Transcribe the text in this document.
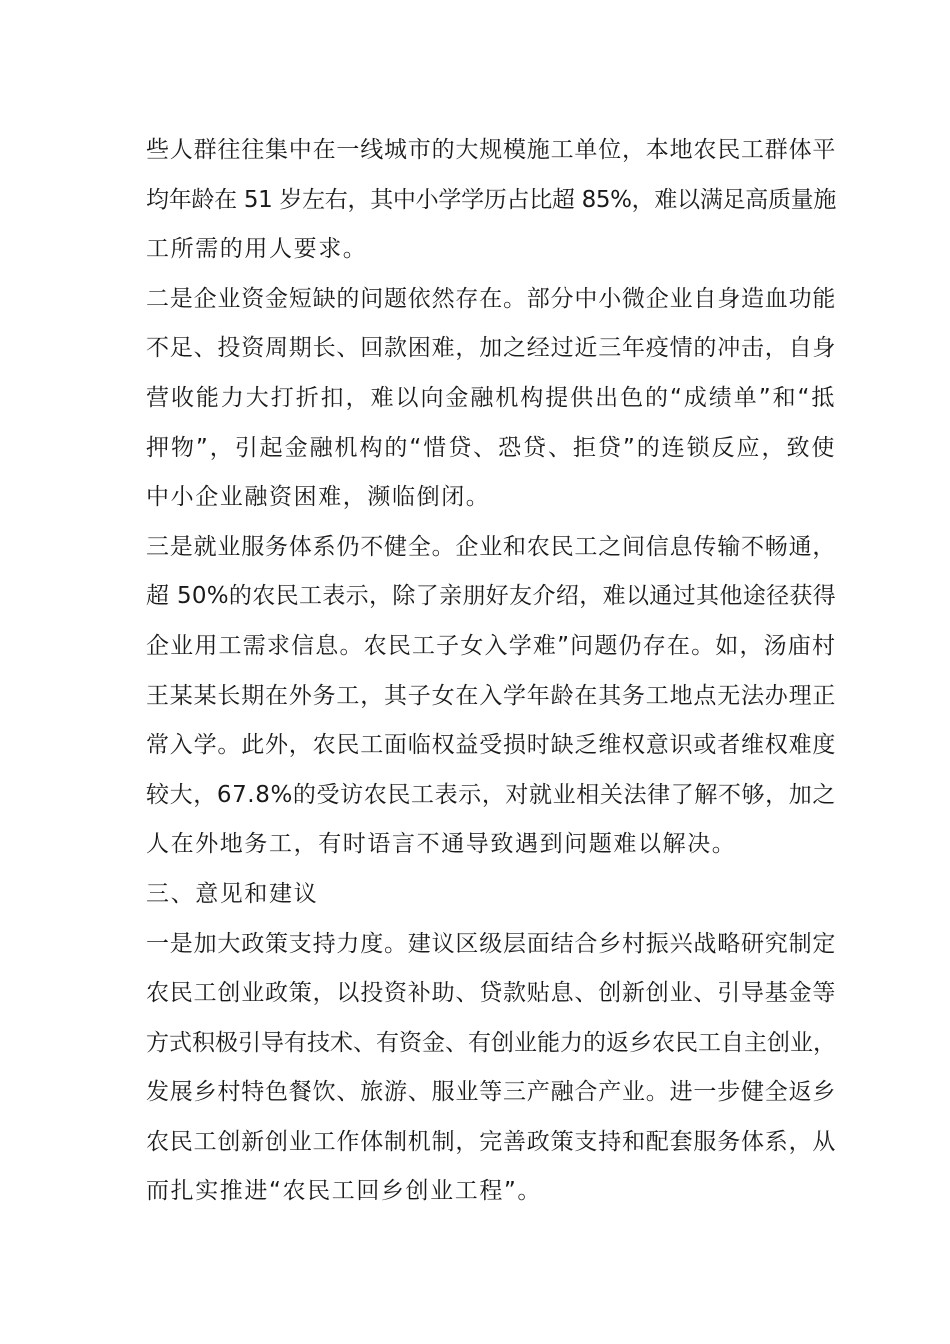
些人群往往集中在一线城市的大规模施工单位，本地农民工群体平
均年龄在 51 岁左右，其中小学学历占比超 85%，难以满足高质量施
工所需的用人要求。
二是企业资金短缺的问题依然存在。部分中小微企业自身造血功能
不足、投资周期长、回款困难，加之经过近三年疫情的冲击，自身
营收能力大打折扣，难以向金融机构提供出色的“成绩单”和“抵
押物”，引起金融机构的“惜贷、恐贷、拒贷”的连锁反应，致使
中小企业融资困难，濒临倒闭。
三是就业服务体系仍不健全。企业和农民工之间信息传输不畅通，
超 50%的农民工表示，除了亲朋好友介绍，难以通过其他途径获得
企业用工需求信息。农民工子女入学难”问题仍存在。如，汤庙村
王某某长期在外务工，其子女在入学年龄在其务工地点无法办理正
常入学。此外，农民工面临权益受损时缺乏维权意识或者维权难度
较大，67.8%的受访农民工表示，对就业相关法律了解不够，加之
人在外地务工，有时语言不通导致遇到问题难以解决。
三、意见和建议
一是加大政策支持力度。建议区级层面结合乡村振兴战略研究制定
农民工创业政策，以投资补助、贷款贴息、创新创业、引导基金等
方式积极引导有技术、有资金、有创业能力的返乡农民工自主创业，
发展乡村特色餐饮、旅游、服业等三产融合产业。进一步健全返乡
农民工创新创业工作体制机制，完善政策支持和配套服务体系，从
而扎实推进“农民工回乡创业工程”。
